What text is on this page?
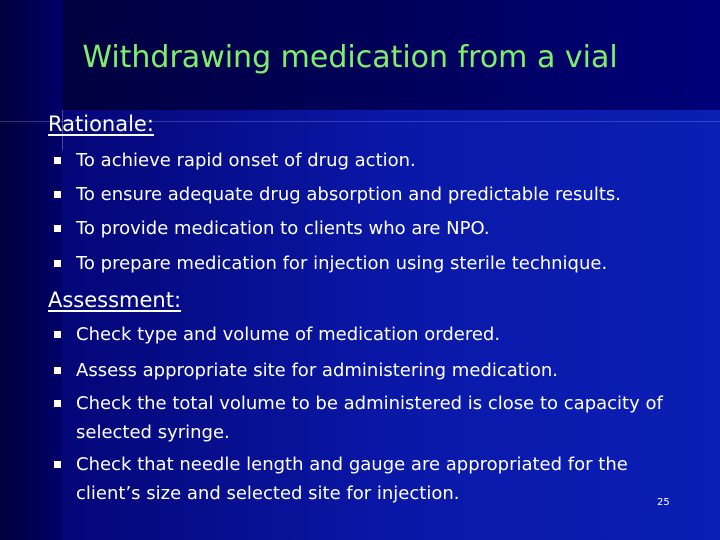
Withdrawing medication from a vial
Rationale:
To achieve rapid onset of drug action.
To ensure adequate drug absorption and predictable results.
To provide medication to clients who are NPO.
To prepare medication for injection using sterile technique.
Assessment:
Check type and volume of medication ordered.
Assess appropriate site for administering medication.
Check the total volume to be administered is close to capacity of selected syringe.
Check that needle length and gauge are appropriated for the client’s size and selected site for injection.	25
